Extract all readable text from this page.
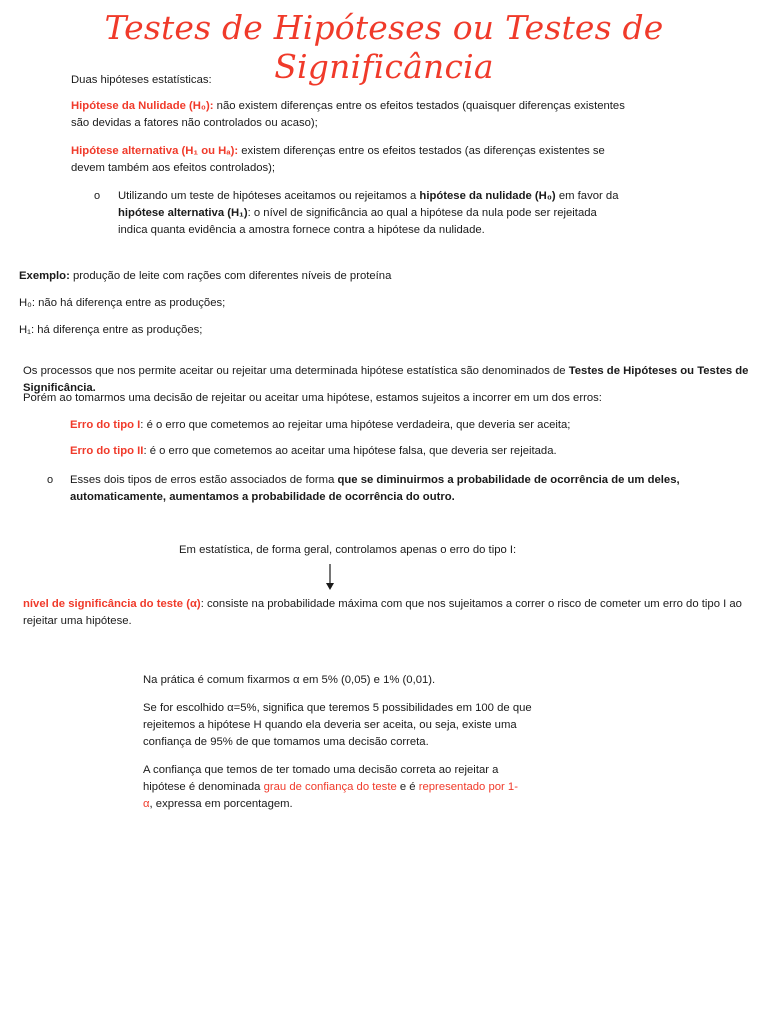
Testes de Hipóteses ou Testes de Significância
Duas hipóteses estatísticas:
Hipótese da Nulidade (H₀): não existem diferenças entre os efeitos testados (quaisquer diferenças existentes são devidas a fatores não controlados ou acaso);
Hipótese alternativa (H₁ ou Hₐ): existem diferenças entre os efeitos testados (as diferenças existentes se devem também aos efeitos controlados);
o Utilizando um teste de hipóteses aceitamos ou rejeitamos a hipótese da nulidade (H₀) em favor da hipótese alternativa (H₁): o nível de significância ao qual a hipótese da nula pode ser rejeitada indica quanta evidência a amostra fornece contra a hipótese da nulidade.
Exemplo: produção de leite com rações com diferentes níveis de proteína
H₀: não há diferença entre as produções;
H₁: há diferença entre as produções;
Os processos que nos permite aceitar ou rejeitar uma determinada hipótese estatística são denominados de Testes de Hipóteses ou Testes de Significância.
Porém ao tomarmos uma decisão de rejeitar ou aceitar uma hipótese, estamos sujeitos a incorrer em um dos erros:
Erro do tipo I: é o erro que cometemos ao rejeitar uma hipótese verdadeira, que deveria ser aceita;
Erro do tipo II: é o erro que cometemos ao aceitar uma hipótese falsa, que deveria ser rejeitada.
o Esses dois tipos de erros estão associados de forma que se diminuirmos a probabilidade de ocorrência de um deles, automaticamente, aumentamos a probabilidade de ocorrência do outro.
Em estatística, de forma geral, controlamos apenas o erro do tipo I:
nível de significância do teste (α): consiste na probabilidade máxima com que nos sujeitamos a correr o risco de cometer um erro do tipo I ao rejeitar uma hipótese.
Na prática é comum fixarmos α em 5% (0,05) e 1% (0,01).
Se for escolhido α=5%, significa que teremos 5 possibilidades em 100 de que rejeitemos a hipótese H quando ela deveria ser aceita, ou seja, existe uma confiança de 95% de que tomamos uma decisão correta.
A confiança que temos de ter tomado uma decisão correta ao rejeitar a hipótese é denominada grau de confiança do teste e é representado por 1-α, expressa em porcentagem.
